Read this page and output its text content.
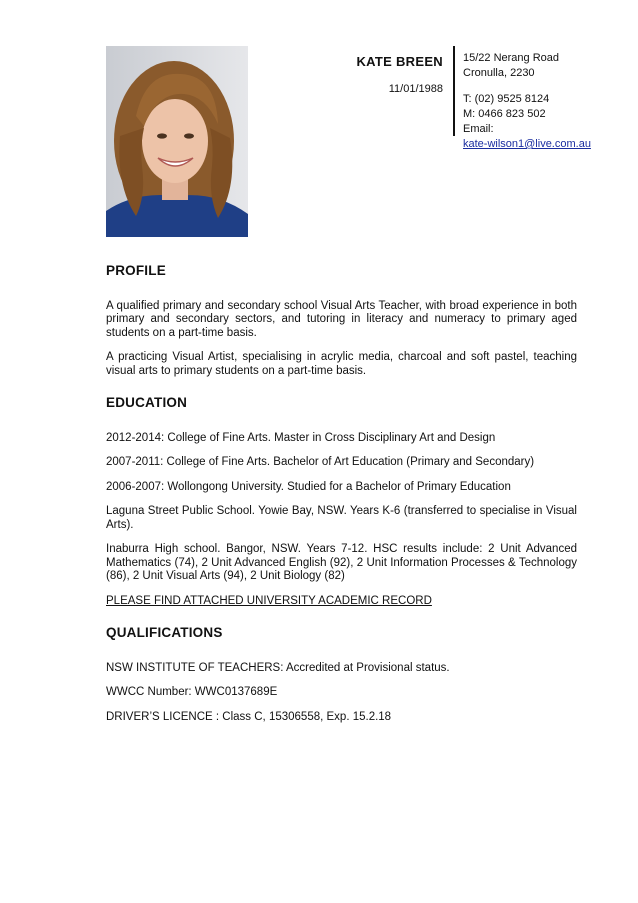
KATE BREEN
11/01/1988
15/22 Nerang Road
Cronulla, 2230
T: (02) 9525 8124
M: 0466 823 502
Email:
kate-wilson1@live.com.au
PROFILE

A qualified primary and secondary school Visual Arts Teacher, with broad experience in both primary and secondary sectors, and tutoring in literacy and numeracy to primary aged students on a part-time basis.

A practicing Visual Artist, specialising in acrylic media, charcoal and soft pastel, teaching visual arts to primary students on a part-time basis.

EDUCATION

2012-2014: College of Fine Arts. Master in Cross Disciplinary Art and Design

2007-2011: College of Fine Arts. Bachelor of Art Education (Primary and Secondary)

2006-2007: Wollongong University. Studied for a Bachelor of Primary Education

Laguna Street Public School. Yowie Bay, NSW. Years K-6 (transferred to specialise in Visual Arts).

Inaburra High school. Bangor, NSW. Years 7-12. HSC results include: 2 Unit Advanced Mathematics (74), 2 Unit Advanced English (92), 2 Unit Information Processes & Technology (86), 2 Unit Visual Arts (94), 2 Unit Biology (82)

PLEASE FIND ATTACHED UNIVERSITY ACADEMIC RECORD

QUALIFICATIONS

NSW INSTITUTE OF TEACHERS: Accredited at Provisional status.

WWCC Number: WWC0137689E

DRIVER’S LICENCE : Class C, 15306558, Exp. 15.2.18
